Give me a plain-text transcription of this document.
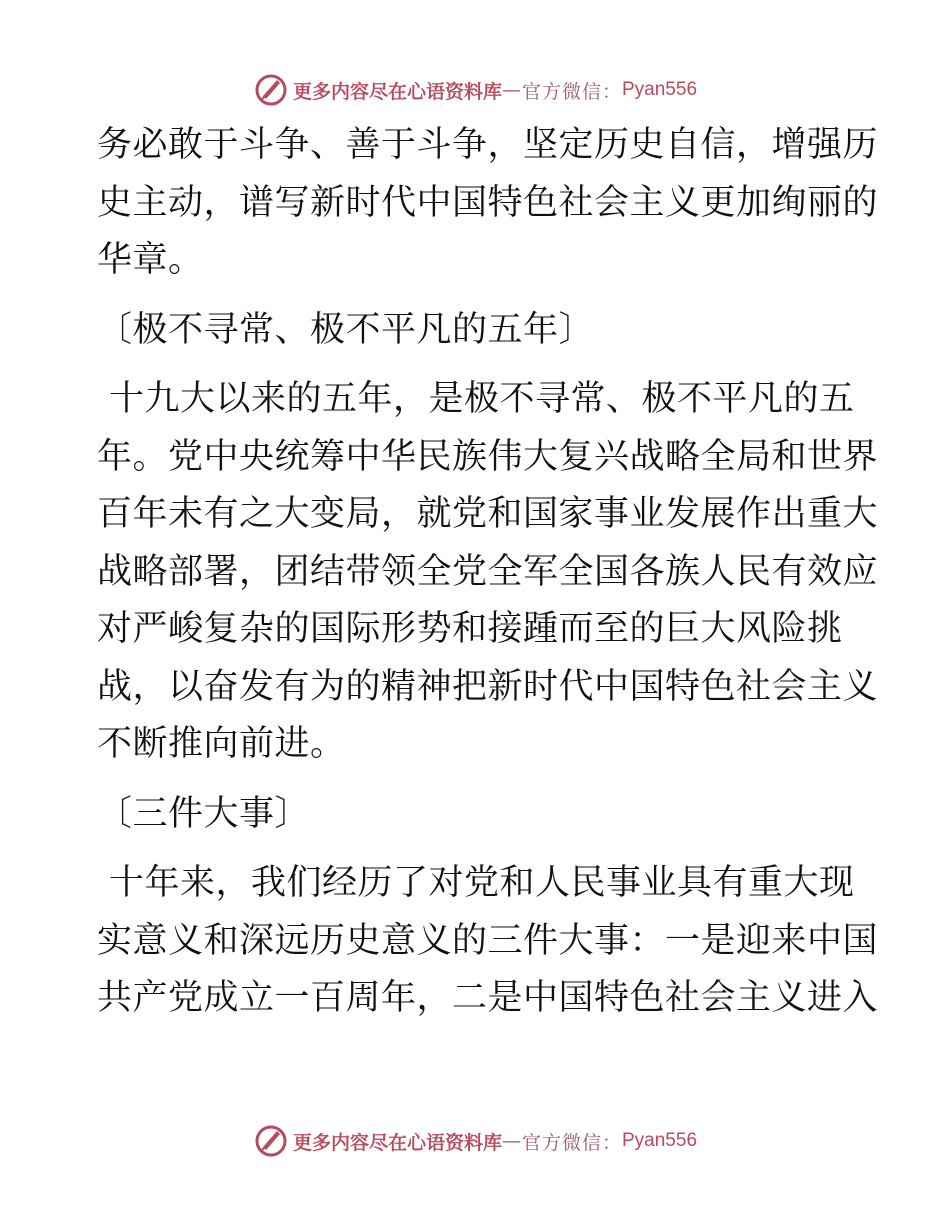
更多内容尽在心语资料库 — 官方微信： Pyan556
务必敢于斗争、善于斗争，坚定历史自信，增强历
史主动，谱写新时代中国特色社会主义更加绚丽的
华章。
〔极不寻常、极不平凡的五年〕
十九大以来的五年，是极不寻常、极不平凡的五
年。党中央统筹中华民族伟大复兴战略全局和世界
百年未有之大变局，就党和国家事业发展作出重大
战略部署，团结带领全党全军全国各族人民有效应
对严峻复杂的国际形势和接踵而至的巨大风险挑
战，以奋发有为的精神把新时代中国特色社会主义
不断推向前进。
〔三件大事〕
十年来，我们经历了对党和人民事业具有重大现
实意义和深远历史意义的三件大事：一是迎来中国
共产党成立一百周年，二是中国特色社会主义进入
更多内容尽在心语资料库 — 官方微信： Pyan556
